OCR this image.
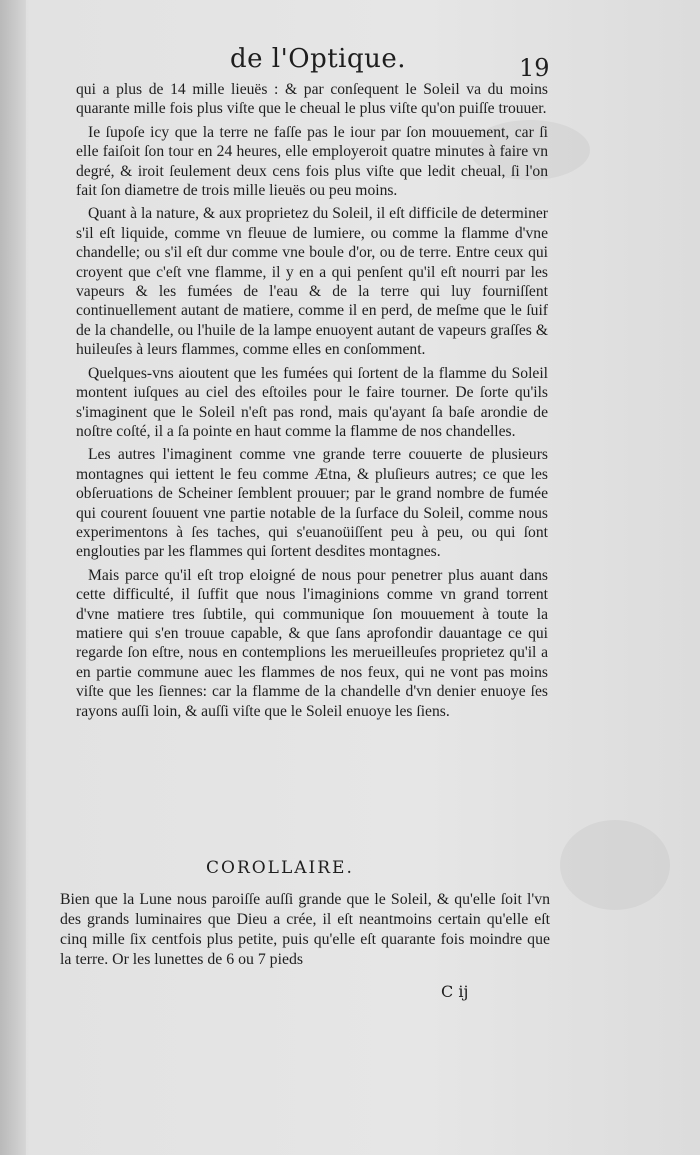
de l'Optique.	19

qui a plus de 14 mille lieuës : & par conſequent le Soleil va du moins quarante mille fois plus viſte que le cheual le plus viſte qu'on puiſſe trouuer.

Ie ſupoſe icy que la terre ne faſſe pas le iour par ſon mouuement, car ſi elle faiſoit ſon tour en 24 heures, elle employeroit quatre minutes à faire vn degré, & iroit ſeulement deux cens fois plus viſte que ledit cheual, ſi l'on fait ſon diametre de trois mille lieuës ou peu moins.

Quant à la nature, & aux proprietez du Soleil, il eſt difficile de determiner s'il eſt liquide, comme vn fleuue de lumiere, ou comme la flamme d'vne chandelle; ou s'il eſt dur comme vne boule d'or, ou de terre. Entre ceux qui croyent que c'eſt vne flamme, il y en a qui penſent qu'il eſt nourri par les vapeurs & les fumées de l'eau & de la terre qui luy fourniſſent continuellement autant de matiere, comme il en perd, de meſme que le ſuif de la chandelle, ou l'huile de la lampe enuoyent autant de vapeurs graſſes & huileuſes à leurs flammes, comme elles en conſomment.

Quelques-vns aioutent que les fumées qui ſortent de la flamme du Soleil montent iuſques au ciel des eſtoiles pour le faire tourner. De ſorte qu'ils s'imaginent que le Soleil n'eſt pas rond, mais qu'ayant ſa baſe arondie de noſtre coſté, il a ſa pointe en haut comme la flamme de nos chandelles.

Les autres l'imaginent comme vne grande terre couuerte de plusieurs montagnes qui iettent le feu comme Ætna, & pluſieurs autres; ce que les obſeruations de Scheiner ſemblent prouuer; par le grand nombre de fumée qui courent ſouuent vne partie notable de la ſurface du Soleil, comme nous experimentons à ſes taches, qui s'euanoüiſſent peu à peu, ou qui ſont englouties par les flammes qui ſortent desdites montagnes.

Mais parce qu'il eſt trop eloigné de nous pour penetrer plus auant dans cette difficulté, il ſuffit que nous l'imaginions comme vn grand torrent d'vne matiere tres ſubtile, qui communique ſon mouuement à toute la matiere qui s'en trouue capable, & que ſans aprofondir dauantage ce qui regarde ſon eſtre, nous en contemplions les merueilleuſes proprietez qu'il a en partie commune auec les flammes de nos feux, qui ne vont pas moins viſte que les ſiennes: car la flamme de la chandelle d'vn denier enuoye ſes rayons auſſi loin, & auſſi viſte que le Soleil enuoye les ſiens.

COROLLAIRE.
Bien que la Lune nous paroiſſe auſſi grande que le Soleil, & qu'elle ſoit l'vn des grands luminaires que Dieu a crée, il eſt neantmoins certain qu'elle eſt cinq mille ſix centfois plus petite, puis qu'elle eſt quarante fois moindre que la terre. Or les lunettes de 6 ou 7 pieds
C ij
